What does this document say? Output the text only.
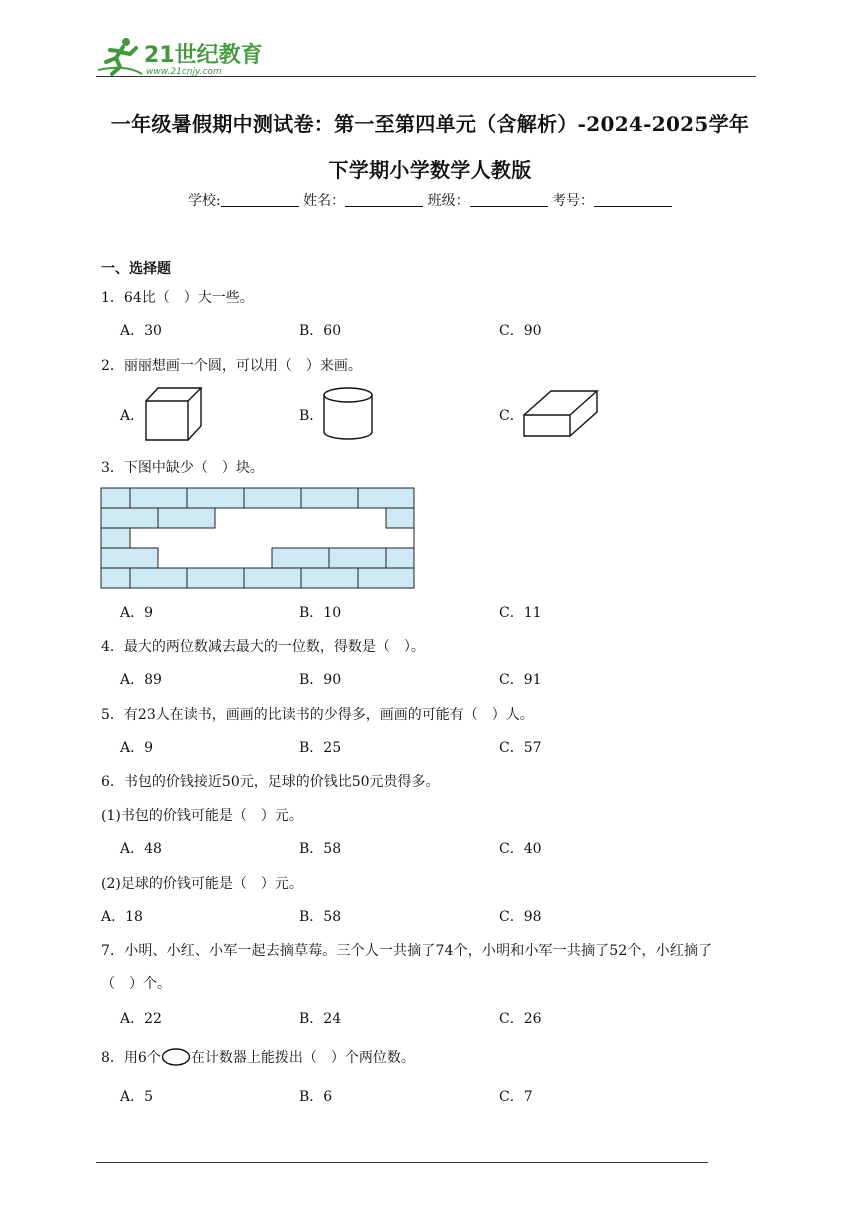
21世纪教育
www.21cnjy.com
一年级暑假期中测试卷：第一至第四单元（含解析）-2024-2025学年
下学期小学数学人教版
学校:	姓名：	班级：	考号：
一、选择题
1．64比（　）大一些。
A．30	B．60	C．90
2．丽丽想画一个圆，可以用（　）来画。
A．	B．	C．
3．下图中缺少（　）块。
A．9	B．10	C．11
4．最大的两位数减去最大的一位数，得数是（　）。
A．89	B．90	C．91
5．有23人在读书，画画的比读书的少得多，画画的可能有（　）人。
A．9	B．25	C．57
6．书包的价钱接近50元，足球的价钱比50元贵得多。
(1)书包的价钱可能是（　）元。
A．48	B．58	C．40
(2)足球的价钱可能是（　）元。
A．18	B．58	C．98
7．小明、小红、小军一起去摘草莓。三个人一共摘了74个，小明和小军一共摘了52个，小红摘了
（　）个。
A．22	B．24	C．26
8．用6个 在计数器上能拨出（　）个两位数。
A．5	B．6	C．7
